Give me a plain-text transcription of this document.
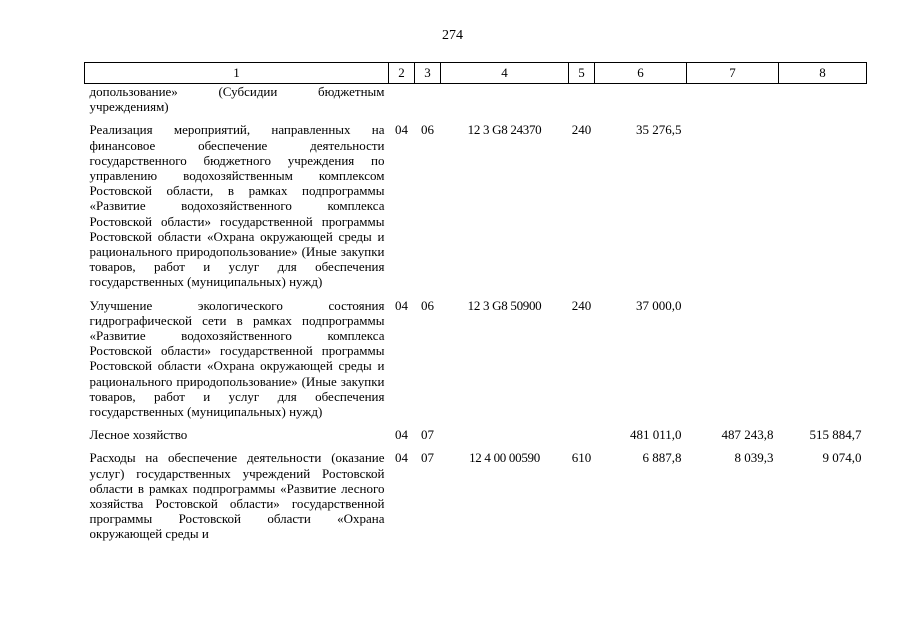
274
1	2	3	4	5	6	7	8
допользование» (Субсидии бюджетным учреждениям)							

Реализация мероприятий, направленных на финансовое обеспечение деятельности государственного бюджетного учреждения по управлению водохозяйственным комплексом Ростовской области, в рамках подпрограммы «Развитие водохозяйственного комплекса Ростовской области» государственной программы Ростовской области «Охрана окружающей среды и рационального природопользование» (Иные закупки товаров, работ и услуг для обеспечения государственных (муниципальных) нужд)	04	06	12 3 G8 24370	240	35 276,5		

Улучшение экологического состояния гидрографической сети в рамках подпрограммы «Развитие водохозяйственного комплекса Ростовской области» государственной программы Ростовской области «Охрана окружающей среды и рационального природопользование» (Иные закупки товаров, работ и услуг для обеспечения государственных (муниципальных) нужд)	04	06	12 3 G8 50900	240	37 000,0		

Лесное хозяйство	04	07			481 011,0	487 243,8	515 884,7

Расходы на обеспечение деятельности (оказание услуг) государственных учреждений Ростовской области в рамках подпрограммы «Развитие лесного хозяйства Ростовской области» государственной программы Ростовской области «Охрана окружающей среды и	04	07	12 4 00 00590	610	6 887,8	8 039,3	9 074,0
